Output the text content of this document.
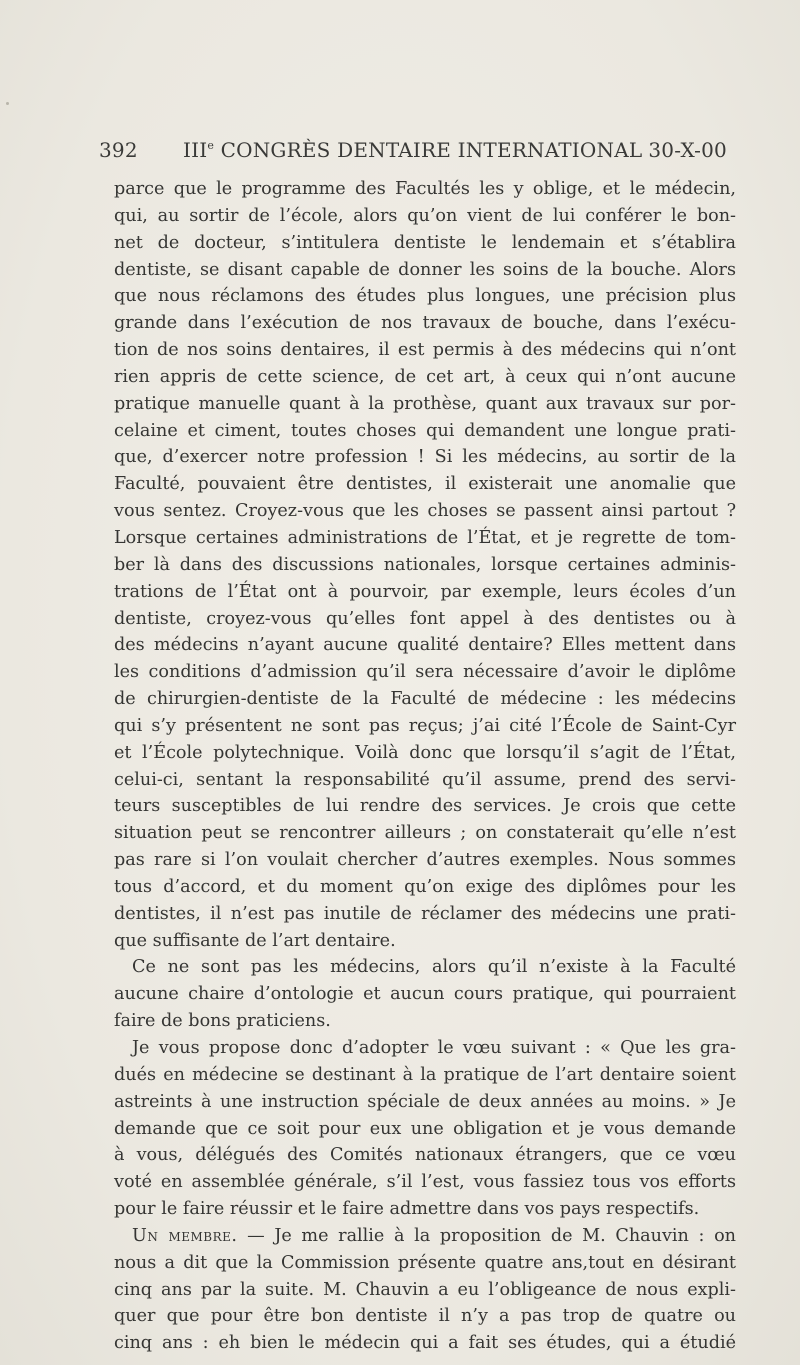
392 IIIe CONGRÈS DENTAIRE INTERNATIONAL 30-X-00
parce que le programme des Facultés les y oblige, et le médecin,
qui, au sortir de l’école, alors qu’on vient de lui conférer le bon-
net de docteur, s’intitulera dentiste le lendemain et s’établira
dentiste, se disant capable de donner les soins de la bouche. Alors
que nous réclamons des études plus longues, une précision plus
grande dans l’exécution de nos travaux de bouche, dans l’exécu-
tion de nos soins dentaires, il est permis à des médecins qui n’ont
rien appris de cette science, de cet art, à ceux qui n’ont aucune
pratique manuelle quant à la prothèse, quant aux travaux sur por-
celaine et ciment, toutes choses qui demandent une longue prati-
que, d’exercer notre profession ! Si les médecins, au sortir de la
Faculté, pouvaient être dentistes, il existerait une anomalie que
vous sentez. Croyez-vous que les choses se passent ainsi partout ?
Lorsque certaines administrations de l’État, et je regrette de tom-
ber là dans des discussions nationales, lorsque certaines adminis-
trations de l’État ont à pourvoir, par exemple, leurs écoles d’un
dentiste, croyez-vous qu’elles font appel à des dentistes ou à
des médecins n’ayant aucune qualité dentaire? Elles mettent dans
les conditions d’admission qu’il sera nécessaire d’avoir le diplôme
de chirurgien-dentiste de la Faculté de médecine : les médecins
qui s’y présentent ne sont pas reçus; j’ai cité l’École de Saint-Cyr
et l’École polytechnique. Voilà donc que lorsqu’il s’agit de l’État,
celui-ci, sentant la responsabilité qu’il assume, prend des servi-
teurs susceptibles de lui rendre des services. Je crois que cette
situation peut se rencontrer ailleurs ; on constaterait qu’elle n’est
pas rare si l’on voulait chercher d’autres exemples. Nous sommes
tous d’accord, et du moment qu’on exige des diplômes pour les
dentistes, il n’est pas inutile de réclamer des médecins une prati-
que suffisante de l’art dentaire.
Ce ne sont pas les médecins, alors qu’il n’existe à la Faculté
aucune chaire d’ontologie et aucun cours pratique, qui pourraient
faire de bons praticiens.
Je vous propose donc d’adopter le vœu suivant : « Que les gra-
dués en médecine se destinant à la pratique de l’art dentaire soient
astreints à une instruction spéciale de deux années au moins. » Je
demande que ce soit pour eux une obligation et je vous demande
à vous, délégués des Comités nationaux étrangers, que ce vœu
voté en assemblée générale, s’il l’est, vous fassiez tous vos efforts
pour le faire réussir et le faire admettre dans vos pays respectifs.
Un membre. — Je me rallie à la proposition de M. Chauvin : on
nous a dit que la Commission présente quatre ans,tout en désirant
cinq ans par la suite. M. Chauvin a eu l’obligeance de nous expli-
quer que pour être bon dentiste il n’y a pas trop de quatre ou
cinq ans : eh bien le médecin qui a fait ses études, qui a étudié
